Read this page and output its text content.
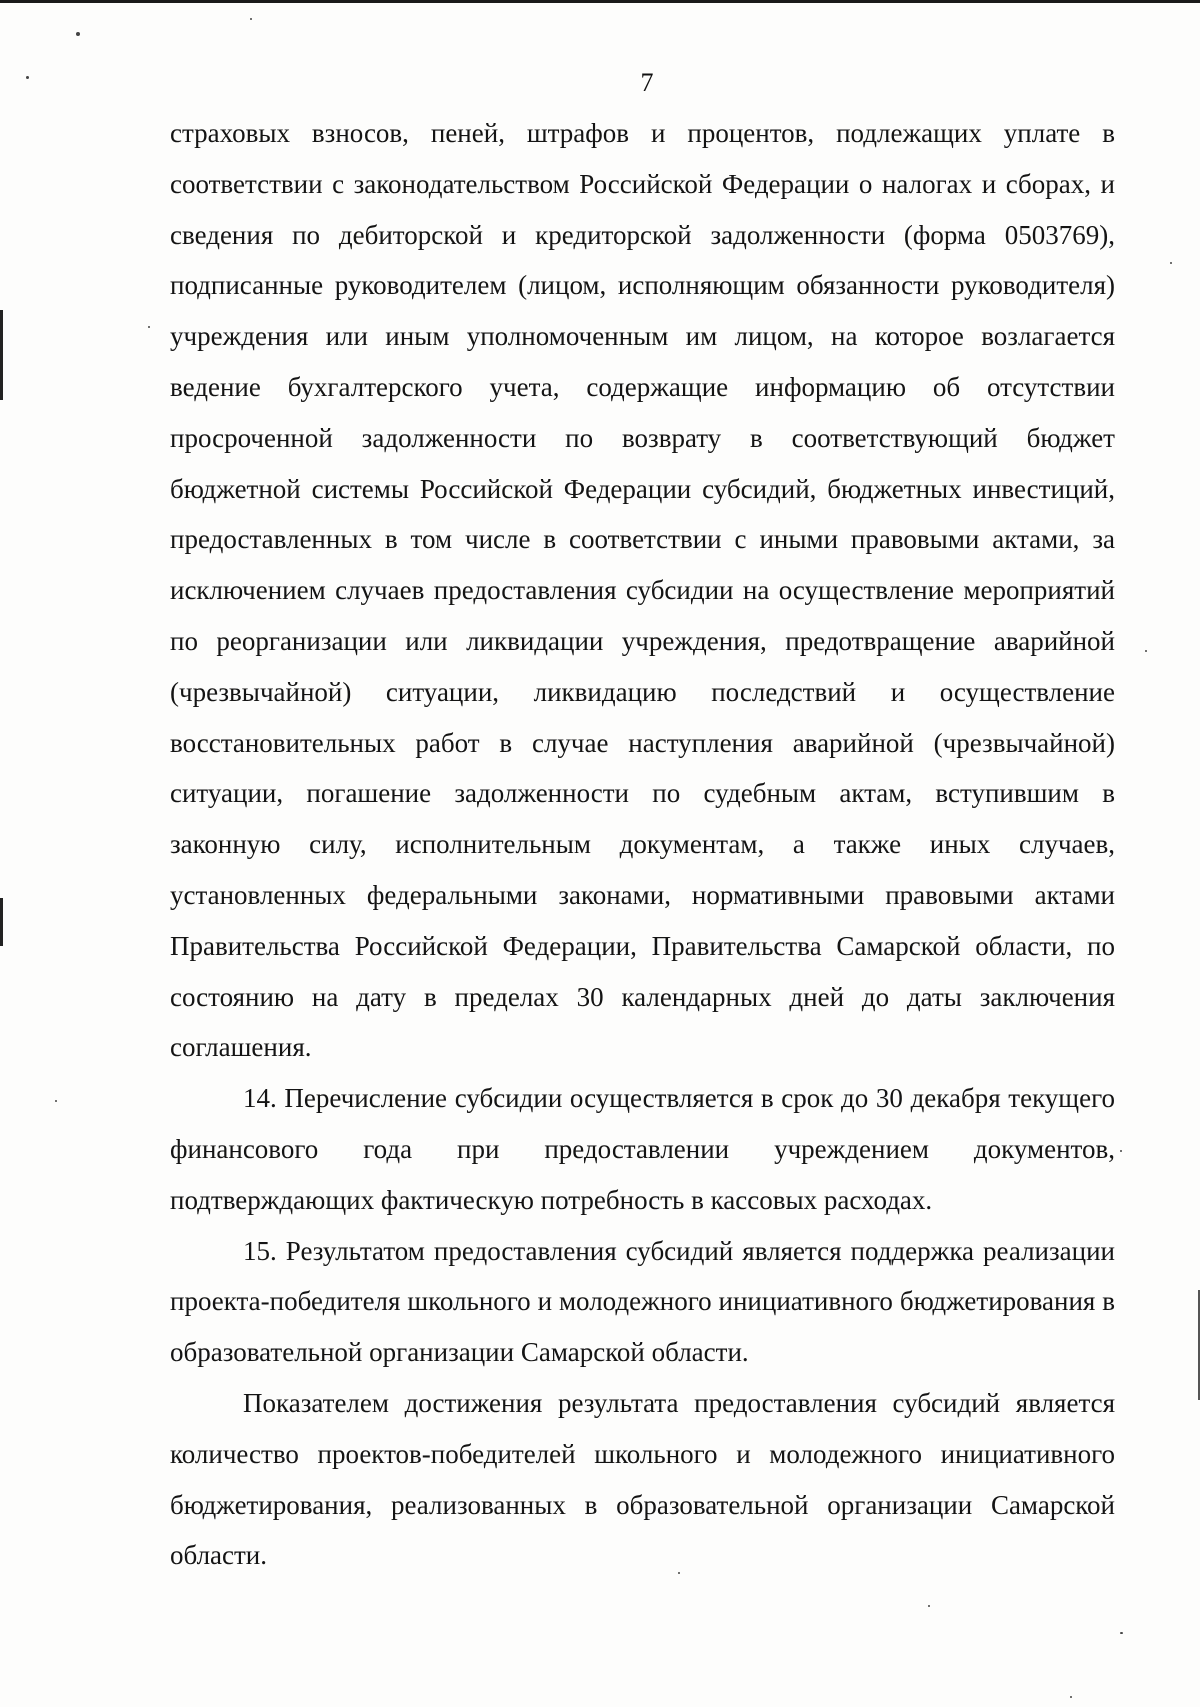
7

страховых взносов, пеней, штрафов и процентов, подлежащих уплате в соответствии с законодательством Российской Федерации о налогах и сборах, и сведения по дебиторской и кредиторской задолженности (форма 0503769), подписанные руководителем (лицом, исполняющим обязанности руководителя) учреждения или иным уполномоченным им лицом, на которое возлагается ведение бухгалтерского учета, содержащие информацию об отсутствии просроченной задолженности по возврату в соответствующий бюджет бюджетной системы Российской Федерации субсидий, бюджетных инвестиций, предоставленных в том числе в соответствии с иными правовыми актами, за исключением случаев предоставления субсидии на осуществление мероприятий по реорганизации или ликвидации учреждения, предотвращение аварийной (чрезвычайной) ситуации, ликвидацию последствий и осуществление восстановительных работ в случае наступления аварийной (чрезвычайной) ситуации, погашение задолженности по судебным актам, вступившим в законную силу, исполнительным документам, а также иных случаев, установленных федеральными законами, нормативными правовыми актами Правительства Российской Федерации, Правительства Самарской области, по состоянию на дату в пределах 30 календарных дней до даты заключения соглашения.

14. Перечисление субсидии осуществляется в срок до 30 декабря текущего финансового года при предоставлении учреждением документов, подтверждающих фактическую потребность в кассовых расходах.

15. Результатом предоставления субсидий является поддержка реализации проекта-победителя школьного и молодежного инициативного бюджетирования в образовательной организации Самарской области.

Показателем достижения результата предоставления субсидий является количество проектов-победителей школьного и молодежного инициативного бюджетирования, реализованных в образовательной организации Самарской области.
